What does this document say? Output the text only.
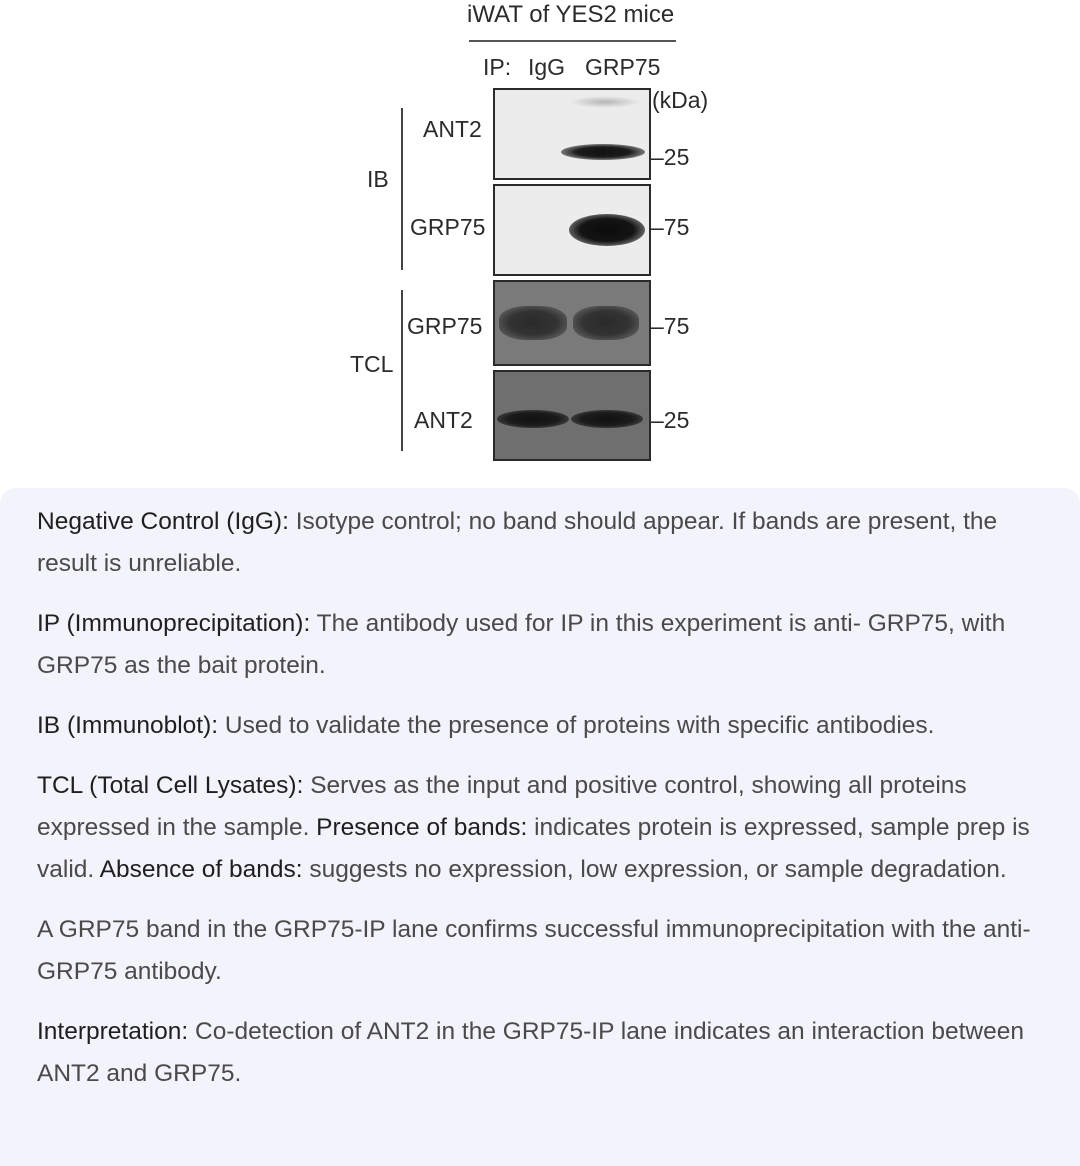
iWAT of YES2 mice
IP: IgG GRP75
(kDa)
IB
TCL
ANT2
GRP75
GRP75
ANT2
–25
–75
–75
–25

Negative Control (IgG): Isotype control; no band should appear. If bands are present, the result is unreliable.

IP (Immunoprecipitation): The antibody used for IP in this experiment is anti- GRP75, with GRP75 as the bait protein.

IB (Immunoblot): Used to validate the presence of proteins with specific antibodies.

TCL (Total Cell Lysates): Serves as the input and positive control, showing all proteins expressed in the sample. Presence of bands: indicates protein is expressed, sample prep is valid. Absence of bands: suggests no expression, low expression, or sample degradation.

A GRP75 band in the GRP75-IP lane confirms successful immunoprecipitation with the anti-GRP75 antibody.

Interpretation: Co-detection of ANT2 in the GRP75-IP lane indicates an interaction between ANT2 and GRP75.
